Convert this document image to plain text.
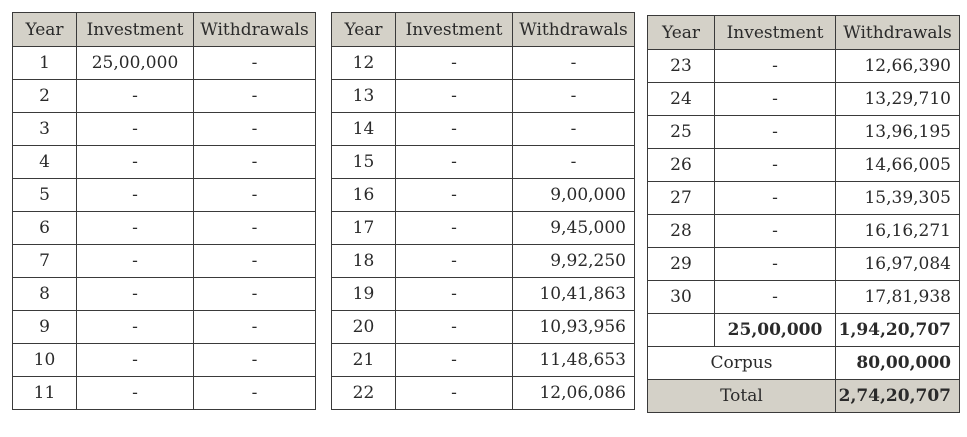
Year	Investment	Withdrawals
1	25,00,000	-
2	-	-
3	-	-
4	-	-
5	-	-
6	-	-
7	-	-
8	-	-
9	-	-
10	-	-
11	-	-
Year	Investment	Withdrawals
12	-	-
13	-	-
14	-	-
15	-	-
16	-	9,00,000
17	-	9,45,000
18	-	9,92,250
19	-	10,41,863
20	-	10,93,956
21	-	11,48,653
22	-	12,06,086
Year	Investment	Withdrawals
23	-	12,66,390
24	-	13,29,710
25	-	13,96,195
26	-	14,66,005
27	-	15,39,305
28	-	16,16,271
29	-	16,97,084
30	-	17,81,938
	25,00,000	1,94,20,707
Corpus		80,00,000
Total		2,74,20,707
